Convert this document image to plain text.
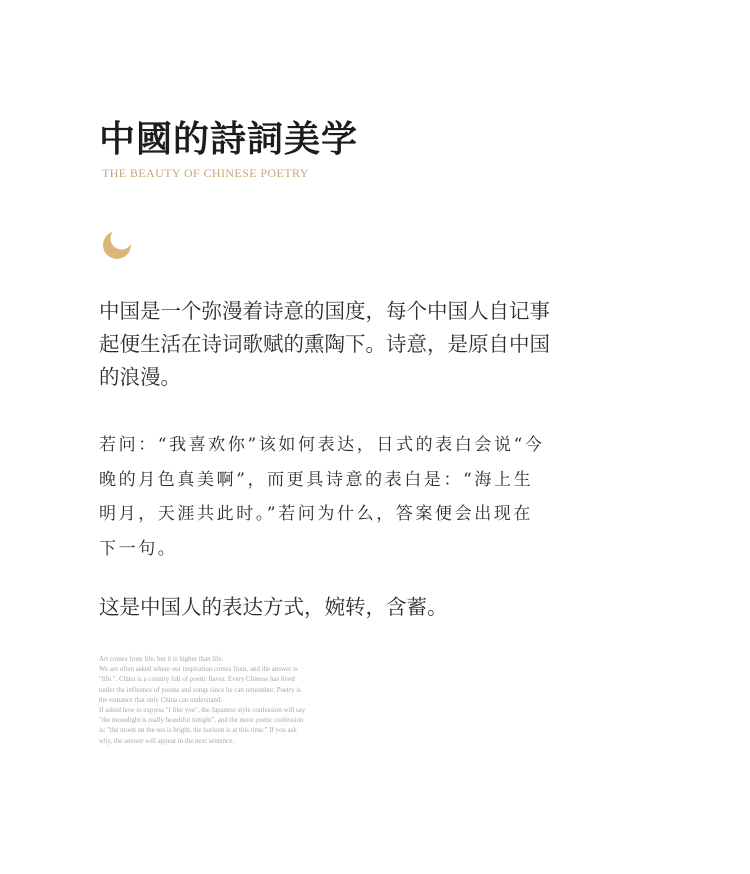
中國的詩詞美学

THE BEAUTY OF CHINESE POETRY

中国是一个弥漫着诗意的国度，每个中国人自记事起便生活在诗词歌赋的熏陶下。诗意，是原自中国的浪漫。

若问：“我喜欢你”该如何表达，日式的表白会说“今晚的月色真美啊”，而更具诗意的表白是：“海上生明月，天涯共此时。”若问为什么，答案便会出现在下一句。

这是中国人的表达方式，婉转，含蓄。

Art comes from life, but it is higher than life.
We are often asked where our inspiration comes from, and the answer is
"life.". China is a country full of poetic flavor. Every Chinese has lived
under the influence of poems and songs since he can remember. Poetry is
the romance that only China can understand.
If asked how to express "I like you", the Japanese style confession will say
"the moonlight is really beautiful tonight", and the more poetic confession
is: "the moon on the sea is bright, the horizon is at this time." If you ask
why, the answer will appear in the next sentence.
